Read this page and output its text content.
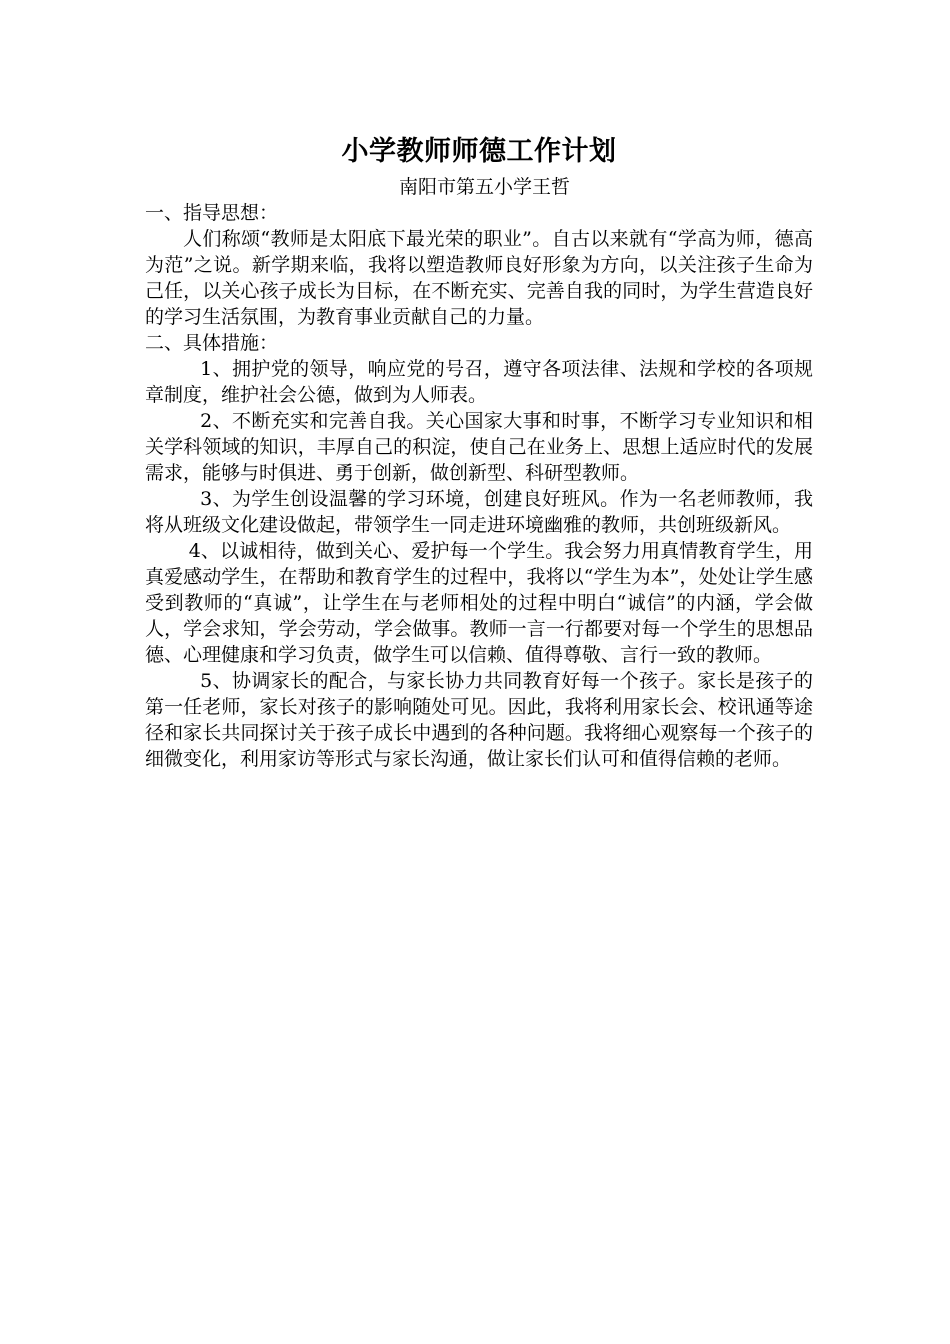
小学教师师德工作计划

南阳市第五小学王哲

一、指导思想：

人们称颂“教师是太阳底下最光荣的职业”。自古以来就有“学高为师，德高为范”之说。新学期来临，我将以塑造教师良好形象为方向，以关注孩子生命为己任，以关心孩子成长为目标，在不断充实、完善自我的同时，为学生营造良好的学习生活氛围，为教育事业贡献自己的力量。

二、具体措施：

1、拥护党的领导，响应党的号召，遵守各项法律、法规和学校的各项规章制度，维护社会公德，做到为人师表。

2、不断充实和完善自我。关心国家大事和时事，不断学习专业知识和相关学科领域的知识，丰厚自己的积淀，使自己在业务上、思想上适应时代的发展需求，能够与时俱进、勇于创新，做创新型、科研型教师。

3、为学生创设温馨的学习环境，创建良好班风。作为一名老师教师，我将从班级文化建设做起，带领学生一同走进环境幽雅的教师，共创班级新风。

4、以诚相待，做到关心、爱护每一个学生。我会努力用真情教育学生，用真爱感动学生，在帮助和教育学生的过程中，我将以“学生为本”，处处让学生感受到教师的“真诚”，让学生在与老师相处的过程中明白“诚信”的内涵，学会做人，学会求知，学会劳动，学会做事。教师一言一行都要对每一个学生的思想品德、心理健康和学习负责，做学生可以信赖、值得尊敬、言行一致的教师。

5、协调家长的配合，与家长协力共同教育好每一个孩子。家长是孩子的第一任老师，家长对孩子的影响随处可见。因此，我将利用家长会、校讯通等途径和家长共同探讨关于孩子成长中遇到的各种问题。我将细心观察每一个孩子的细微变化，利用家访等形式与家长沟通，做让家长们认可和值得信赖的老师。
